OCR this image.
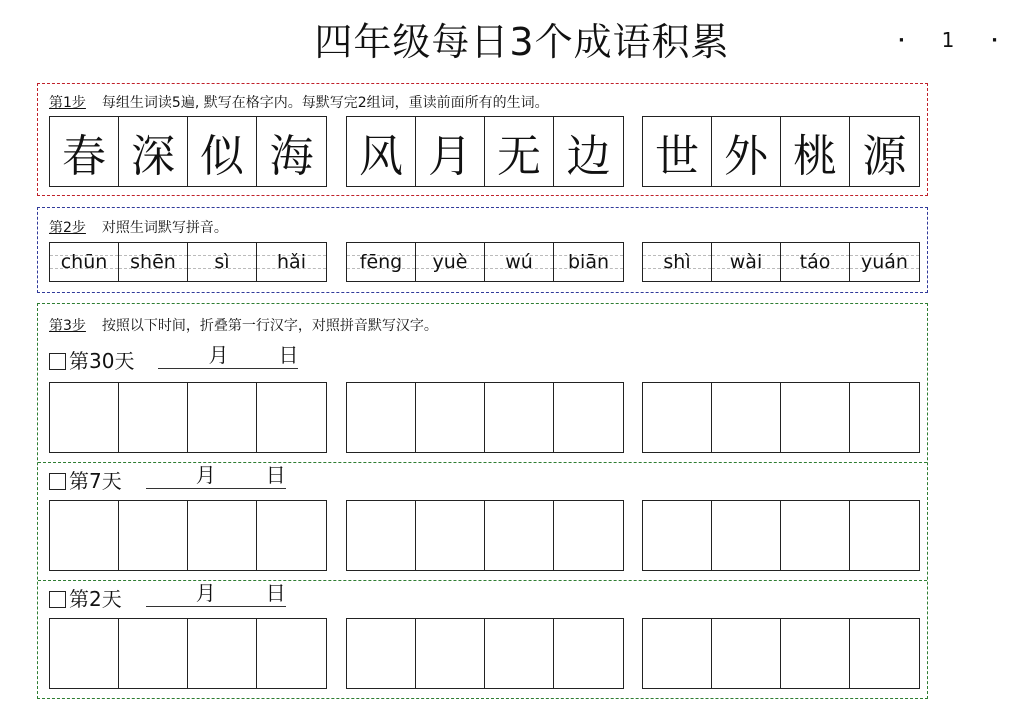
四年级每日3个成语积累	· 1 ·
第1步 每组生词读5遍, 默写在格字内。每默写完2组词，重读前面所有的生词。
春 深 似 海 风 月 无 边 世 外 桃 源
第2步 对照生词默写拼音。
chūn shēn sì hǎi	fēng yuè wú biān	shì wài táo yuán
第3步 按照以下时间，折叠第一行汉字，对照拼音默写汉字。
第30天	月	日
第7天	月	日
第2天	月	日
